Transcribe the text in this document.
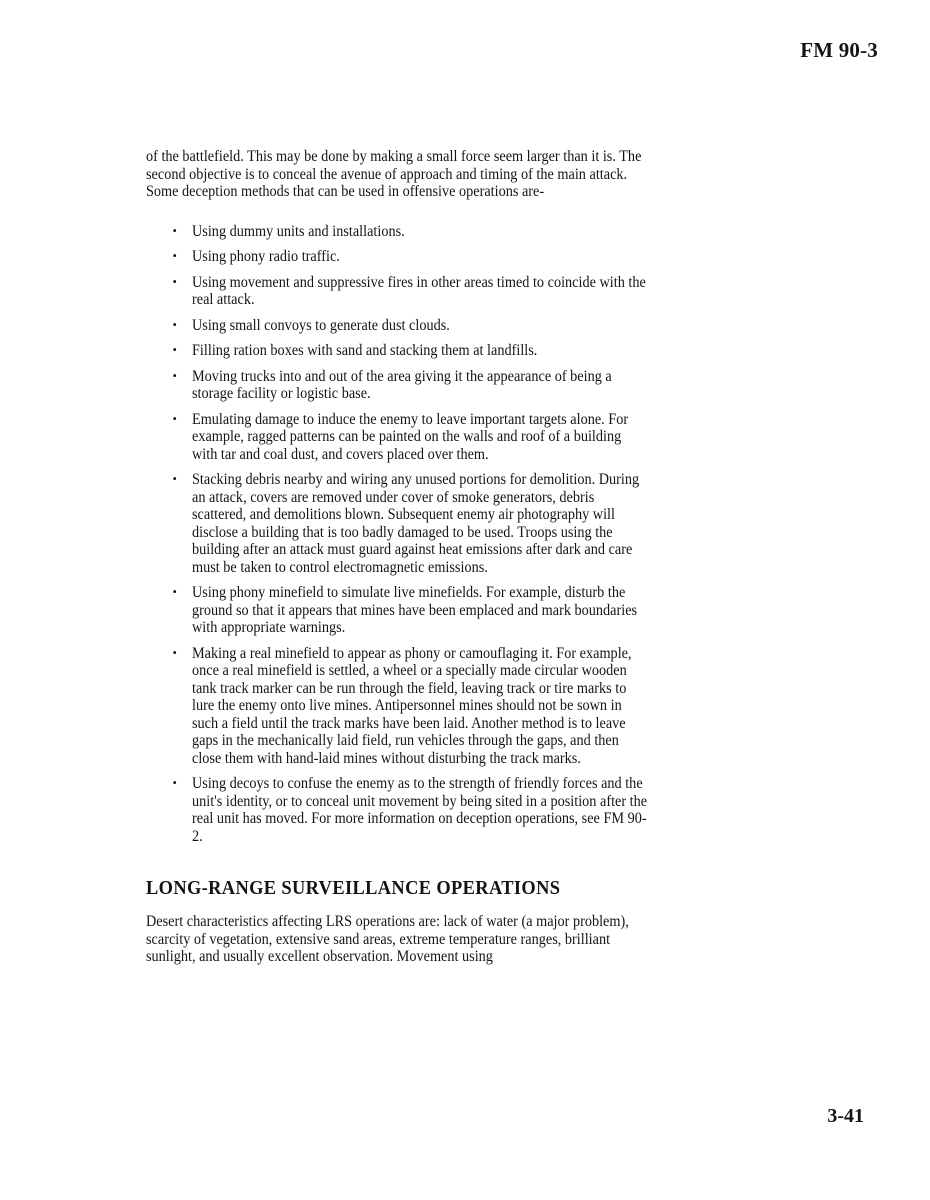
FM 90-3

of the battlefield. This may be done by making a small force seem larger than it is. The second objective is to conceal the avenue of approach and timing of the main attack. Some deception methods that can be used in offensive operations are-

• Using dummy units and installations.
• Using phony radio traffic.
• Using movement and suppressive fires in other areas timed to coincide with the real attack.
• Using small convoys to generate dust clouds.
• Filling ration boxes with sand and stacking them at landfills.
• Moving trucks into and out of the area giving it the appearance of being a storage facility or logistic base.
• Emulating damage to induce the enemy to leave important targets alone. For example, ragged patterns can be painted on the walls and roof of a building with tar and coal dust, and covers placed over them.
• Stacking debris nearby and wiring any unused portions for demolition. During an attack, covers are removed under cover of smoke generators, debris scattered, and demolitions blown. Subsequent enemy air photography will disclose a building that is too badly damaged to be used. Troops using the building after an attack must guard against heat emissions after dark and care must be taken to control electromagnetic emissions.
• Using phony minefield to simulate live minefields. For example, disturb the ground so that it appears that mines have been emplaced and mark boundaries with appropriate warnings.
• Making a real minefield to appear as phony or camouflaging it. For example, once a real minefield is settled, a wheel or a specially made circular wooden tank track marker can be run through the field, leaving track or tire marks to lure the enemy onto live mines. Antipersonnel mines should not be sown in such a field until the track marks have been laid. Another method is to leave gaps in the mechanically laid field, run vehicles through the gaps, and then close them with hand-laid mines without disturbing the track marks.
• Using decoys to confuse the enemy as to the strength of friendly forces and the unit's identity, or to conceal unit movement by being sited in a position after the real unit has moved. For more information on deception operations, see FM 90-2.
LONG-RANGE SURVEILLANCE OPERATIONS

Desert characteristics affecting LRS operations are: lack of water (a major problem), scarcity of vegetation, extensive sand areas, extreme temperature ranges, brilliant sunlight, and usually excellent observation. Movement using

3-41
